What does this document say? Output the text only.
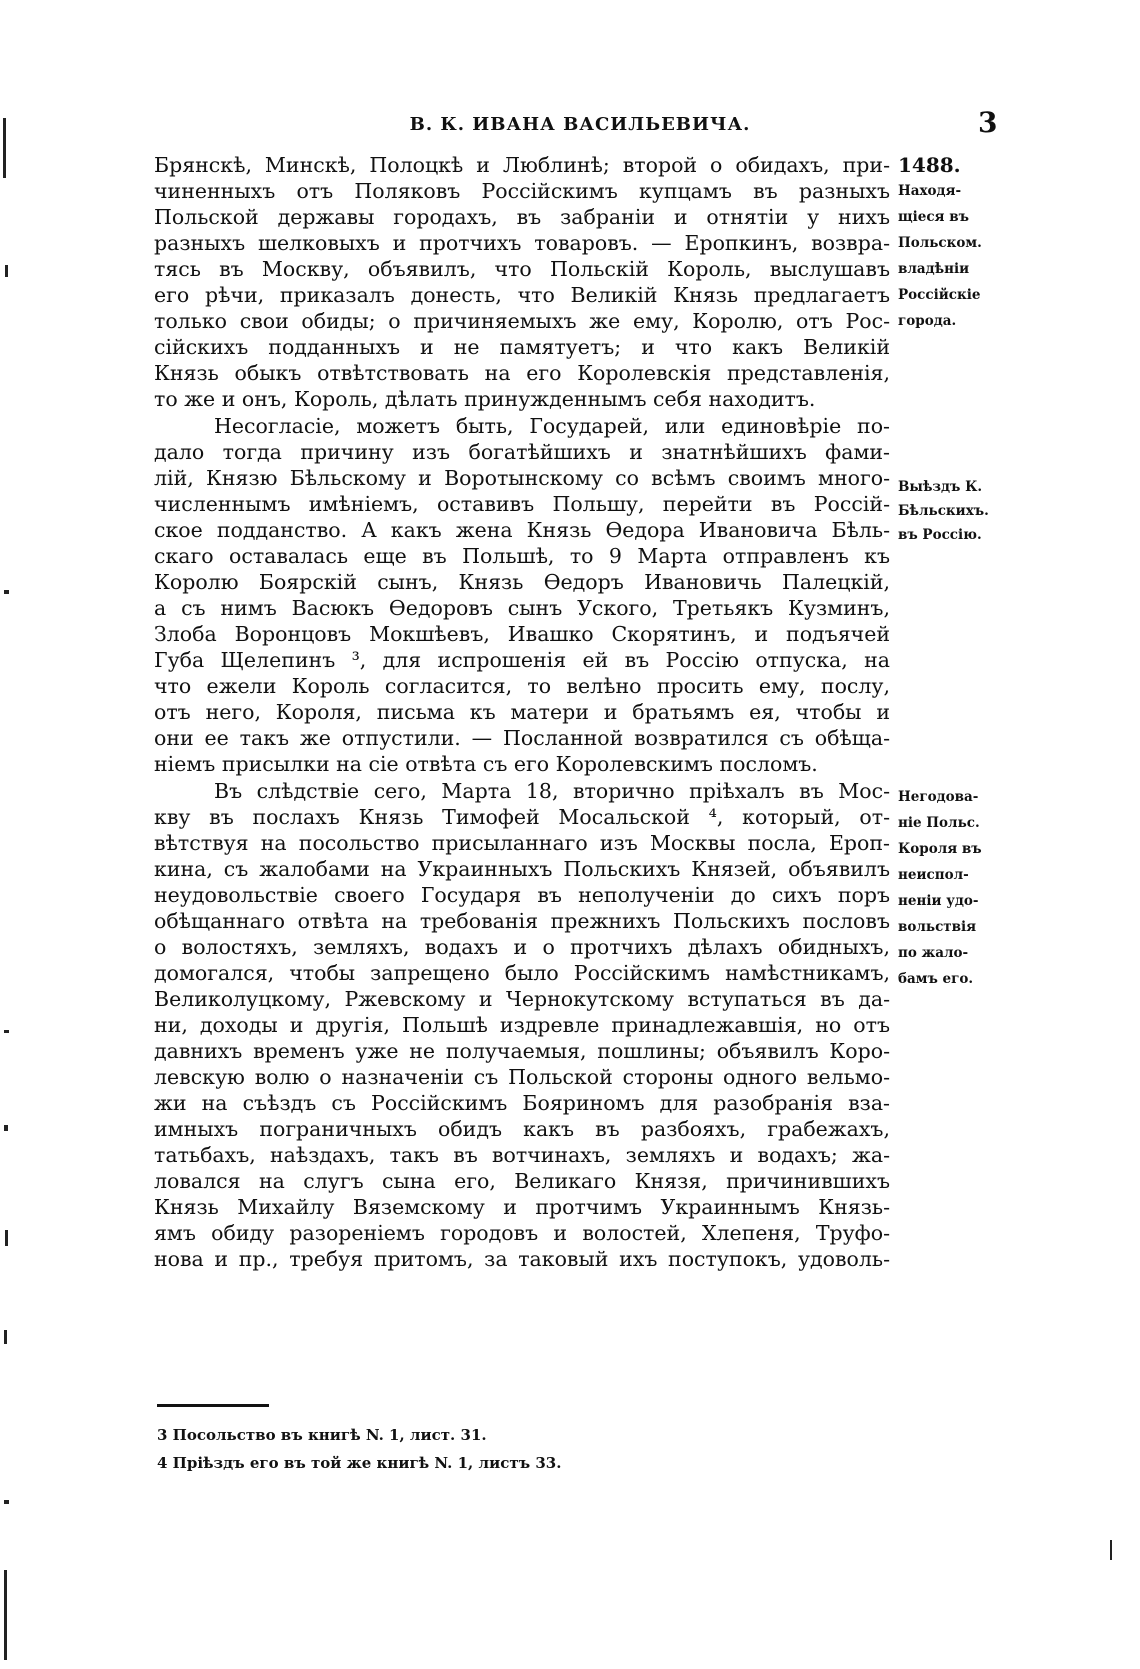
В. К. ИВАНА ВАСИЛЬЕВИЧА.	3
Брянскѣ, Минскѣ, Полоцкѣ и Люблинѣ; второй о обидахъ, при-
чиненныхъ отъ Поляковъ Россійскимъ купцамъ въ разныхъ
Польской державы городахъ, въ забраніи и отнятіи у нихъ
разныхъ шелковыхъ и протчихъ товаровъ. — Еропкинъ, возвра-
тясь въ Москву, объявилъ, что Польскій Король, выслушавъ
его рѣчи, приказалъ донесть, что Великій Князь предлагаетъ
только свои обиды; о причиняемыхъ же ему, Королю, отъ Рос-
сійскихъ подданныхъ и не памятуетъ; и что какъ Великій
Князь обыкъ отвѣтствовать на его Королевскія представленія,
то же и онъ, Король, дѣлать принужденнымъ себя находитъ.
Несогласіе, можетъ быть, Государей, или единовѣріе по-
дало тогда причину изъ богатѣйшихъ и знатнѣйшихъ фами-
лій, Князю Бѣльскому и Воротынскому со всѣмъ своимъ много-
численнымъ имѣніемъ, оставивъ Польшу, перейти въ Россій-
ское подданство. А какъ жена Князь Өедора Ивановича Бѣль-
скаго оставалась еще въ Польшѣ, то 9 Марта отправленъ къ
Королю Боярскій сынъ, Князь Өедоръ Ивановичь Палецкій,
а съ нимъ Васюкъ Өедоровъ сынъ Уского, Третьякъ Кузминъ,
Злоба Воронцовъ Мокшѣевъ, Ивашко Скорятинъ, и подъячей
Губа Щелепинъ ³, для испрошенія ей въ Россію отпуска, на
что ежели Король согласится, то велѣно просить ему, послу,
отъ него, Короля, письма къ матери и братьямъ ея, чтобы и
они ее такъ же отпустили. — Посланной возвратился съ обѣща-
ніемъ присылки на сіе отвѣта съ его Королевскимъ посломъ.
Въ слѣдствіе сего, Марта 18, вторично пріѣхалъ въ Мос-
кву въ послахъ Князь Тимофей Мосальской ⁴, который, от-
вѣтствуя на посольство присыланнаго изъ Москвы посла, Ероп-
кина, съ жалобами на Украинныхъ Польскихъ Князей, объявилъ
неудовольствіе своего Государя въ неполученіи до сихъ поръ
обѣщаннаго отвѣта на требованія прежнихъ Польскихъ пословъ
о волостяхъ, земляхъ, водахъ и о протчихъ дѣлахъ обидныхъ,
домогался, чтобы запрещено было Россійскимъ намѣстникамъ,
Великолуцкому, Ржевскому и Чернокутскому вступаться въ да-
ни, доходы и другія, Польшѣ издревле принадлежавшія, но отъ
давнихъ временъ уже не получаемыя, пошлины; объявилъ Коро-
левскую волю о назначеніи съ Польской стороны одного вельмо-
жи на съѣздъ съ Россійскимъ Бояриномъ для разобранія вза-
имныхъ пограничныхъ обидъ какъ въ разбояхъ, грабежахъ,
татьбахъ, наѣздахъ, такъ въ вотчинахъ, земляхъ и водахъ; жа-
ловался на слугъ сына его, Великаго Князя, причинившихъ
Князь Михайлу Вяземскому и протчимъ Украиннымъ Князь-
ямъ обиду разореніемъ городовъ и волостей, Хлепеня, Труфо-
нова и пр., требуя притомъ, за таковый ихъ поступокъ, удоволь-
1488.
Находя-
щіеся въ
Польском.
владѣніи
Россійскіе
города.
Выѣздъ К.
Бѣльскихъ.
въ Россію.
Негодова-
ніе Польс.
Короля въ
неиспол-
неніи удо-
вольствія
по жало-
бамъ его.
3 Посольство въ книгѣ N. 1, лист. 31.
4 Пріѣздъ его въ той же книгѣ N. 1, листъ 33.
